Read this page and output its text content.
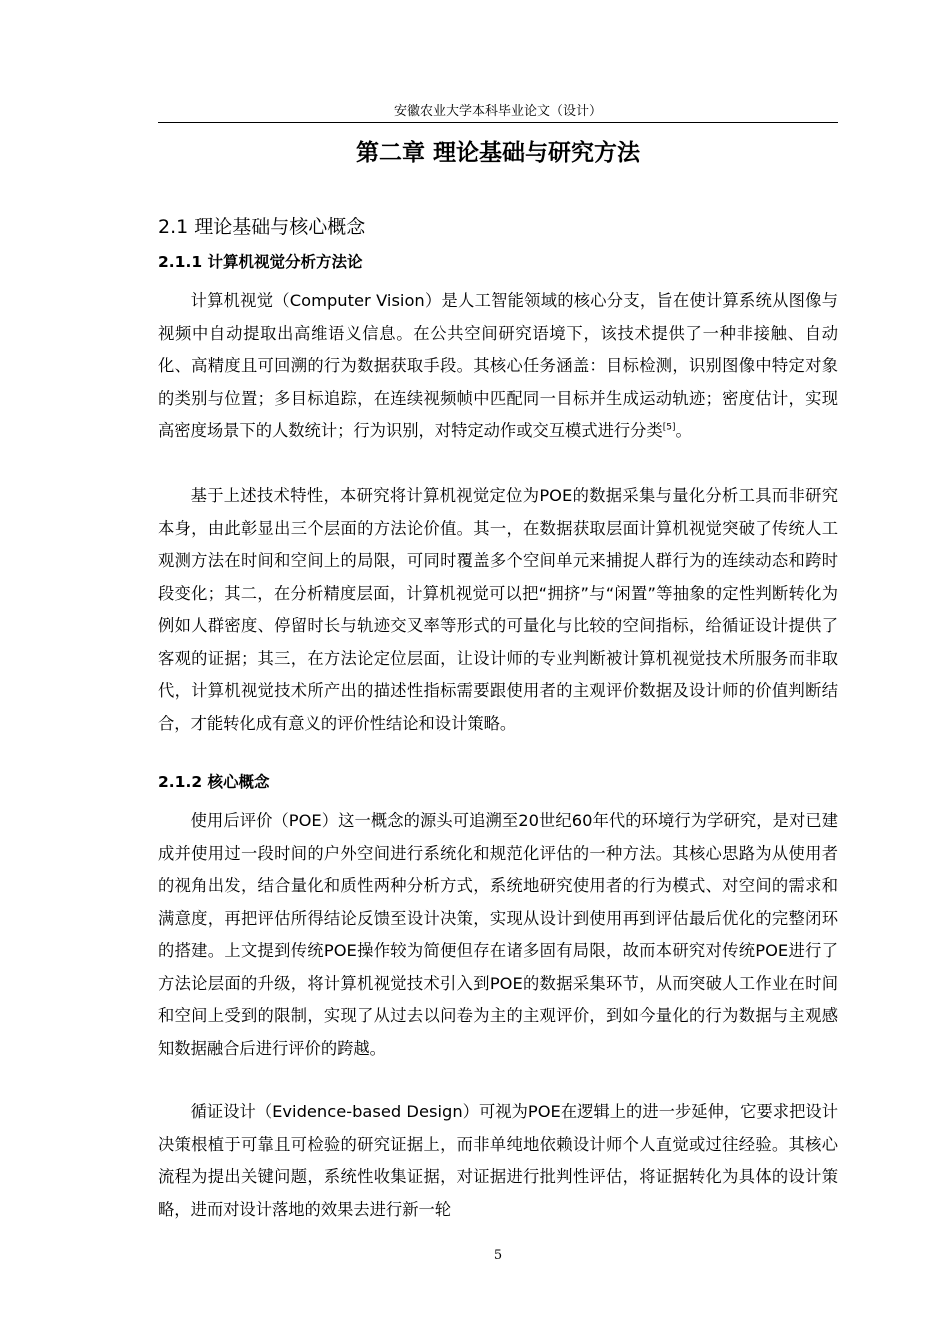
安徽农业大学本科毕业论文（设计）
第二章 理论基础与研究方法
2.1 理论基础与核心概念
2.1.1 计算机视觉分析方法论

计算机视觉（Computer Vision）是人工智能领域的核心分支，旨在使计算系统从图像与视频中自动提取出高维语义信息。在公共空间研究语境下，该技术提供了一种非接触、自动化、高精度且可回溯的行为数据获取手段。其核心任务涵盖：目标检测，识别图像中特定对象的类别与位置；多目标追踪，在连续视频帧中匹配同一目标并生成运动轨迹；密度估计，实现高密度场景下的人数统计；行为识别，对特定动作或交互模式进行分类[5]。

基于上述技术特性，本研究将计算机视觉定位为POE的数据采集与量化分析工具而非研究本身，由此彰显出三个层面的方法论价值。其一，在数据获取层面计算机视觉突破了传统人工观测方法在时间和空间上的局限，可同时覆盖多个空间单元来捕捉人群行为的连续动态和跨时段变化；其二，在分析精度层面，计算机视觉可以把“拥挤”与“闲置”等抽象的定性判断转化为例如人群密度、停留时长与轨迹交叉率等形式的可量化与比较的空间指标，给循证设计提供了客观的证据；其三，在方法论定位层面，让设计师的专业判断被计算机视觉技术所服务而非取代，计算机视觉技术所产出的描述性指标需要跟使用者的主观评价数据及设计师的价值判断结合，才能转化成有意义的评价性结论和设计策略。

2.1.2 核心概念

使用后评价（POE）这一概念的源头可追溯至20世纪60年代的环境行为学研究，是对已建成并使用过一段时间的户外空间进行系统化和规范化评估的一种方法。其核心思路为从使用者的视角出发，结合量化和质性两种分析方式，系统地研究使用者的行为模式、对空间的需求和满意度，再把评估所得结论反馈至设计决策，实现从设计到使用再到评估最后优化的完整闭环的搭建。上文提到传统POE操作较为简便但存在诸多固有局限，故而本研究对传统POE进行了方法论层面的升级，将计算机视觉技术引入到POE的数据采集环节，从而突破人工作业在时间和空间上受到的限制，实现了从过去以问卷为主的主观评价，到如今量化的行为数据与主观感知数据融合后进行评价的跨越。

循证设计（Evidence-based Design）可视为POE在逻辑上的进一步延伸，它要求把设计决策根植于可靠且可检验的研究证据上，而非单纯地依赖设计师个人直觉或过往经验。其核心流程为提出关键问题，系统性收集证据，对证据进行批判性评估，将证据转化为具体的设计策略，进而对设计落地的效果去进行新一轮

5
